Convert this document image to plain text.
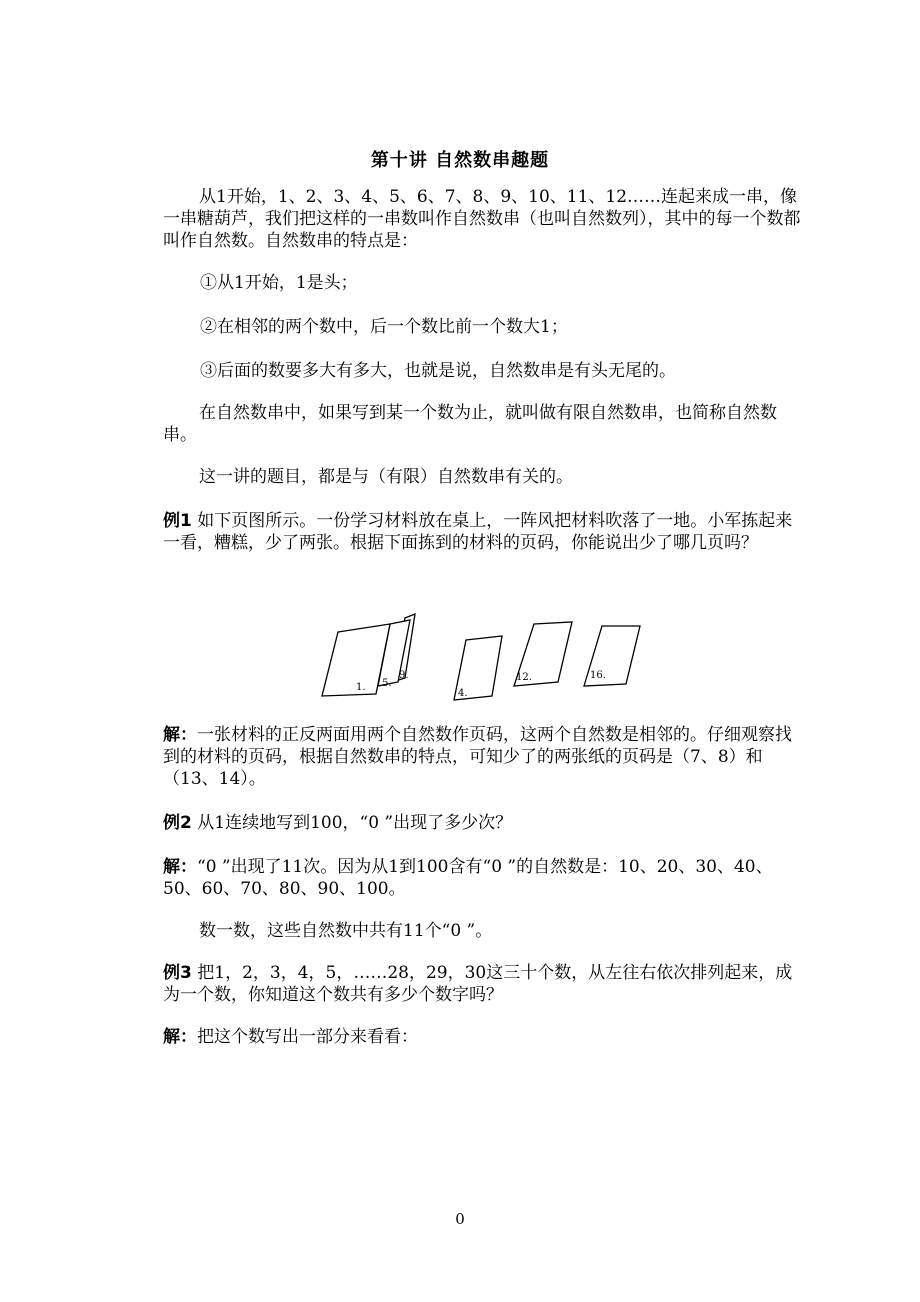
第十讲 自然数串趣题

从1开始，1、2、3、4、5、6、7、8、9、10、11、12……连起来成一串，像一串糖葫芦，我们把这样的一串数叫作自然数串（也叫自然数列），其中的每一个数都叫作自然数。自然数串的特点是：

①从1开始，1是头；

②在相邻的两个数中，后一个数比前一个数大1；

③后面的数要多大有多大，也就是说，自然数串是有头无尾的。

在自然数串中，如果写到某一个数为止，就叫做有限自然数串，也简称自然数串。

这一讲的题目，都是与（有限）自然数串有关的。

例1 如下页图所示。一份学习材料放在桌上，一阵风把材料吹落了一地。小军拣起来一看，糟糕，少了两张。根据下面拣到的材料的页码，你能说出少了哪几页吗？

1. 5.
9.
4.
12.	16.

解：一张材料的正反两面用两个自然数作页码，这两个自然数是相邻的。仔细观察找到的材料的页码，根据自然数串的特点，可知少了的两张纸的页码是（7、8）和（13、14）。

例2 从1连续地写到100，“0 ”出现了多少次？

解：“0 ”出现了11次。因为从1到100含有“0 ”的自然数是：10、20、30、40、50、60、70、80、90、100。

数一数，这些自然数中共有11个“0 ”。

例3 把1，2，3，4，5，……28，29，30这三十个数，从左往右依次排列起来，成为一个数，你知道这个数共有多少个数字吗？

解：把这个数写出一部分来看看：

0
